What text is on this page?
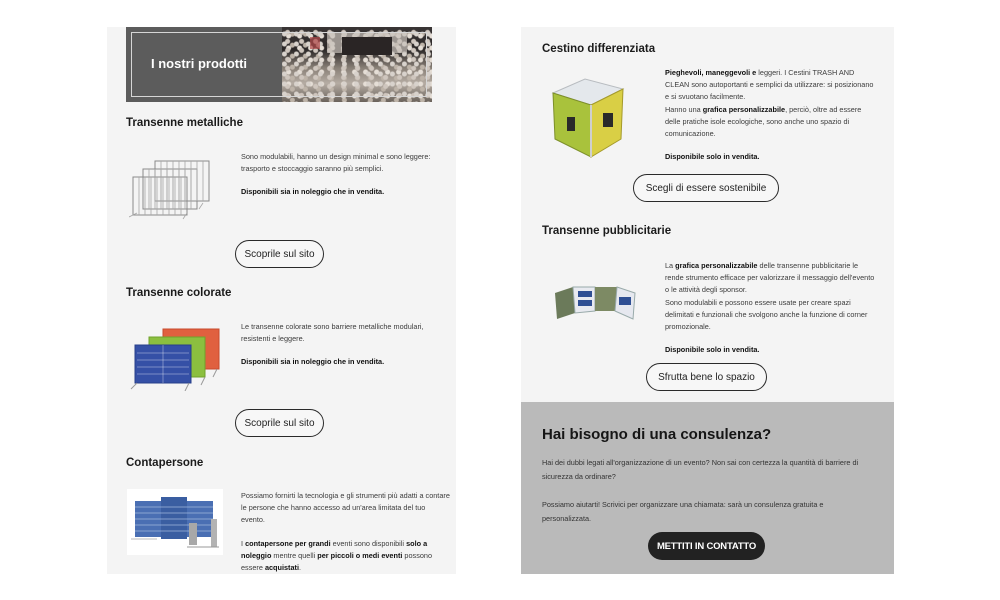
I nostri prodotti
Transenne metalliche

Sono modulabili, hanno un design minimal e sono leggere: trasporto e stoccaggio saranno più semplici.

Disponibili sia in noleggio che in vendita.

Scoprile sul sito
Transenne colorate

Le transenne colorate sono barriere metalliche modulari, resistenti e leggere.

Disponibili sia in noleggio che in vendita.

Scoprile sul sito
Contapersone

Possiamo fornirti la tecnologia e gli strumenti più adatti a contare le persone che hanno accesso ad un'area limitata del tuo evento.

I contapersone per grandi eventi sono disponibili solo a noleggio mentre quelli per piccoli o medi eventi possono essere acquistati.

Cestino differenziata

Pieghevoli, maneggevoli e leggeri. I Cestini TRASH AND CLEAN sono autoportanti e semplici da utilizzare: si posizionano e si svuotano facilmente.
Hanno una grafica personalizzabile, perciò, oltre ad essere delle pratiche isole ecologiche, sono anche uno spazio di comunicazione.

Disponibile solo in vendita.

Scegli di essere sostenibile
Transenne pubblicitarie

La grafica personalizzabile delle transenne pubblicitarie le rende strumento efficace per valorizzare il messaggio dell'evento o le attività degli sponsor.
Sono modulabili e possono essere usate per creare spazi delimitati e funzionali che svolgono anche la funzione di corner promozionale.

Disponibile solo in vendita.

Sfrutta bene lo spazio
Hai bisogno di una consulenza?
Hai dei dubbi legati all'organizzazione di un evento? Non sai con certezza la quantità di barriere di sicurezza da ordinare?
Possiamo aiutarti! Scrivici per organizzare una chiamata: sarà un consulenza gratuita e personalizzata.
METTITI IN CONTATTO
